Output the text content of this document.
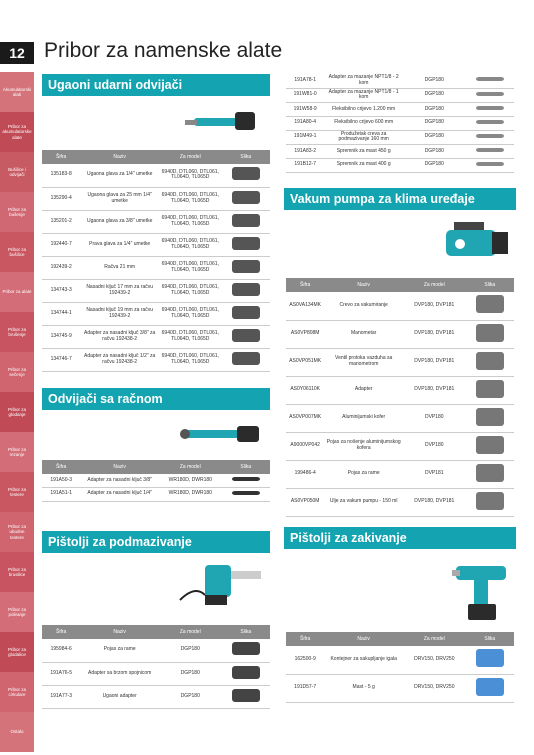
12 Pribor za namenske alate
Akumulatorski alati
Pribor za akumulatorske alate
Bušilice i odvijači
Pribor za bušenje
Pribor za bušilice
Pribor za alate
Pribor za brušenje
Pribor za sečenje
Pribor za glodanje
Pribor za rezanje
Pribor za testere
Pribor za ubodne testere
Pribor za brusilice
Pribor za poliranje
Pribor za glodalice
Pribor za cirkulare
Ostalo
Ugaoni udarni odvijači
Šifra	Naziv	Za model	Slika
135183-8	Ugaona glava za 1/4" umetke	6940D, DTL060, DTL061, TL064D, TL065D	
135290-4	Ugaona glava za 25 mm 1/4" umetke	6940D, DTL060, DTL061, TL064D, TL065D	
135201-2	Ugaona glava za 3/8" umetke	6940D, DTL060, DTL061, TL064D, TL065D	
192440-7	Prava glava za 1/4" umetke	6940D, DTL060, DTL061, TL064D, TL065D	
192439-2	Račva 21 mm	6940D, DTL060, DTL061, TL064D, TL065D	
134743-3	Nasadni ključ 17 mm za račvu 192439-2	6940D, DTL060, DTL061, TL064D, TL065D	
134744-1	Nasadni ključ 19 mm za račvu 192439-2	6940D, DTL060, DTL061, TL064D, TL065D	
134745-9	Adapter za nasadni ključ 3/8" za račvu 192438-2	6940D, DTL060, DTL061, TL064D, TL065D	
134746-7	Adapter za nasadni ključ 1/2" za račvu 192438-2	6940D, DTL060, DTL061, TL064D, TL065D	
Odvijači sa račnom
Šifra	Naziv	Za model	Slika
191A50-3	Adapter za nasadni ključ 3/8"	WR180D, DWR180	
191A51-1	Adapter za nasadni ključ 1/4"	WR180D, DWR180	
Pištolji za podmazivanje
Šifra	Naziv	Za model	Slika
195984-6	Pojas za rame	DGP180	
191A76-5	Adapter sa brzom spojnicom	DGP180	
191A77-3	Ugaoni adapter	DGP180	
191A78-1	Adapter za mazanje NPT1/8 - 2 kom	DGP180	
191W81-0	Adapter za mazanje NPT1/8 - 1 kom	DGP180	
191W58-9	Fleksibilno crijevo 1.200 mm	DGP180	
191A80-4	Fleksibilno crijevo 600 mm	DGP180	
191M49-1	Produžetak creva za podmazivanje 160 mm	DGP180	
191A83-2	Spremnik za mast 450 g	DGP180	
191B12-7	Spremnik za mast 400 g	DGP180	
Vakum pumpa za klima uređaje
Šifra	Naziv	Za model	Slika
AS0VA134MK	Crevo za vakumiranje	DVP180, DVP181	
AS0VP808M	Manometar	DVP180, DVP181	
AS0VP051MK	Ventil protoka vazduha sa manometrom	DVP180, DVP181	
AS0Y06110K	Adapter	DVP180, DVP181	
AS0VP007MK	Aluminijumski kofer	DVP180	
A9000VP042	Pojas za nošenje aluminijumskog kofera	DVP180	
199486-4	Pojas za rame	DVP181	
AS0VP050M	Ulje za vakum pumpu - 150 ml	DVP180, DVP181	
Pištolji za zakivanje
Šifra	Naziv	Za model	Slika
162500-9	Kontejner za sakupljanje igala	DRV150, DRV250	
191D57-7	Mast - 5 g	DRV150, DRV250	
